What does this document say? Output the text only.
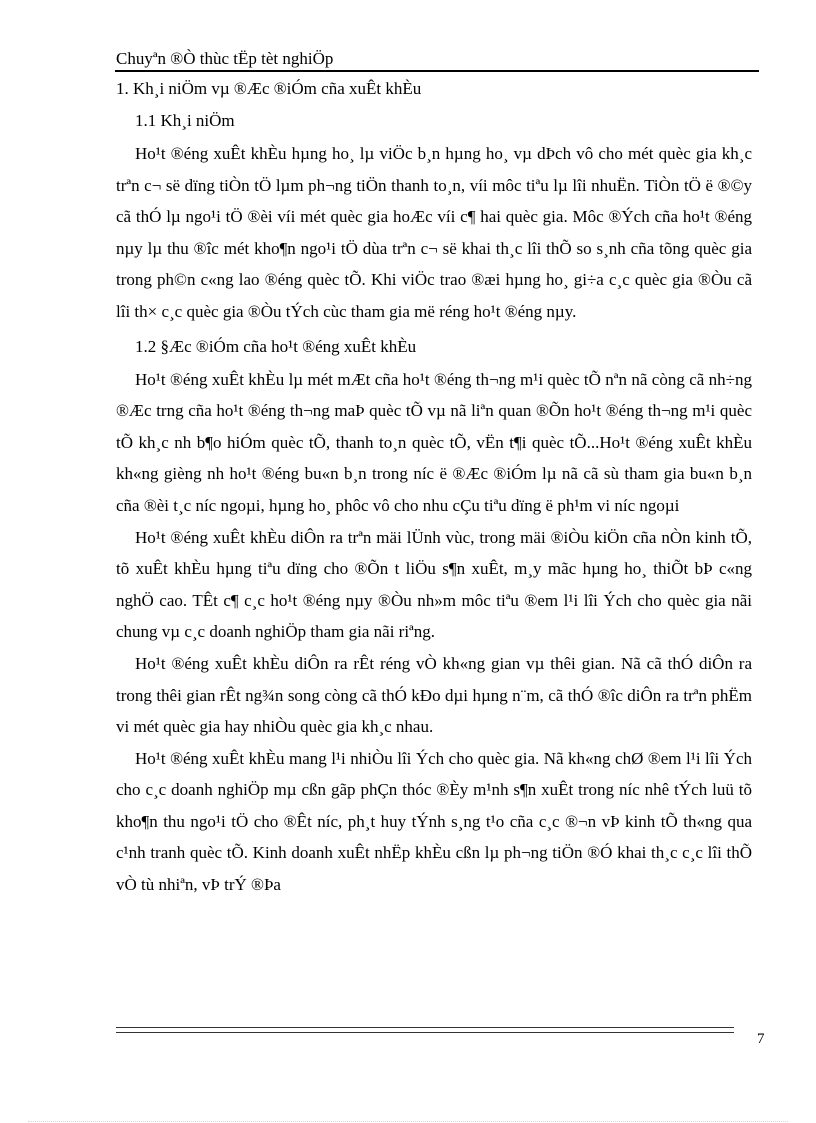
Chuyªn ®Ò thùc tËp tèt nghiÖp
1. Kh¸i niÖm vµ ®Æc ®iÓm cña xuÊt khÈu
1.1 Kh¸i niÖm

Ho¹t ®éng xuÊt khÈu hµng ho¸ lµ viÖc b¸n hµng ho¸ vµ dÞch vô cho mét quèc gia kh¸c trªn c¬ së dïng tiÒn tÖ lµm ph¬ng tiÖn thanh to¸n, víi môc tiªu lµ lîi nhuËn. TiÒn tÖ ë ®©y cã thÓ lµ ngo¹i tÖ ®èi víi mét quèc gia hoÆc víi c¶ hai quèc gia. Môc ®Ých cña ho¹t ®éng nµy lµ thu ®îc mét kho¶n ngo¹i tÖ dùa trªn c¬ së khai th¸c lîi thÕ so s¸nh cña tõng quèc gia trong ph©n c«ng lao ®éng quèc tÕ. Khi viÖc trao ®æi hµng ho¸ gi÷a c¸c quèc gia ®Òu cã lîi th× c¸c quèc gia ®Òu tÝch cùc tham gia më réng ho¹t ®éng nµy.

1.2 §Æc ®iÓm cña ho¹t ®éng xuÊt khÈu

Ho¹t ®éng xuÊt khÈu lµ mét mÆt cña ho¹t ®éng th¬ng m¹i quèc tÕ nªn nã còng cã nh÷ng ®Æc trng cña ho¹t ®éng th¬ng maÞ quèc tÕ vµ nã liªn quan ®Õn ho¹t ®éng th¬ng m¹i quèc tÕ kh¸c nh b¶o hiÓm quèc tÕ, thanh to¸n quèc tÕ, vËn t¶i quèc tÕ...Ho¹t ®éng xuÊt khÈu kh«ng gièng nh ho¹t ®éng bu«n b¸n trong níc ë ®Æc ®iÓm lµ nã cã sù tham gia bu«n b¸n cña ®èi t¸c níc ngoµi, hµng ho¸ phôc vô cho nhu cÇu tiªu dïng ë ph¹m vi níc ngoµi

Ho¹t ®éng xuÊt khÈu diÔn ra trªn mäi lÜnh vùc, trong mäi ®iÒu kiÖn cña nÒn kinh tÕ, tõ xuÊt khÈu hµng tiªu dïng cho ®Õn t liÖu s¶n xuÊt, m¸y mãc hµng ho¸ thiÕt bÞ c«ng nghÖ cao. TÊt c¶ c¸c ho¹t ®éng nµy ®Òu nh»m môc tiªu ®em l¹i lîi Ých cho quèc gia nãi chung vµ c¸c doanh nghiÖp tham gia nãi riªng.

Ho¹t ®éng xuÊt khÈu diÔn ra rÊt réng vÒ kh«ng gian vµ thêi gian. Nã cã thÓ diÔn ra trong thêi gian rÊt ng¾n song còng cã thÓ kÐo dµi hµng n¨m, cã thÓ ®îc diÔn ra trªn phËm vi mét quèc gia hay nhiÒu quèc gia kh¸c nhau.

Ho¹t ®éng xuÊt khÈu mang l¹i nhiÒu lîi Ých cho quèc gia. Nã kh«ng chØ ®em l¹i lîi Ých cho c¸c doanh nghiÖp mµ cßn gãp phÇn thóc ®Èy m¹nh s¶n xuÊt trong níc nhê tÝch luü tõ kho¶n thu ngo¹i tÖ cho ®Êt níc, ph¸t huy tÝnh s¸ng t¹o cña c¸c ®¬n vÞ kinh tÕ th«ng qua c¹nh tranh quèc tÕ. Kinh doanh xuÊt nhËp khÈu cßn lµ ph¬ng tiÖn ®Ó khai th¸c c¸c lîi thÕ vÒ tù nhiªn, vÞ trÝ ®Þa

7
